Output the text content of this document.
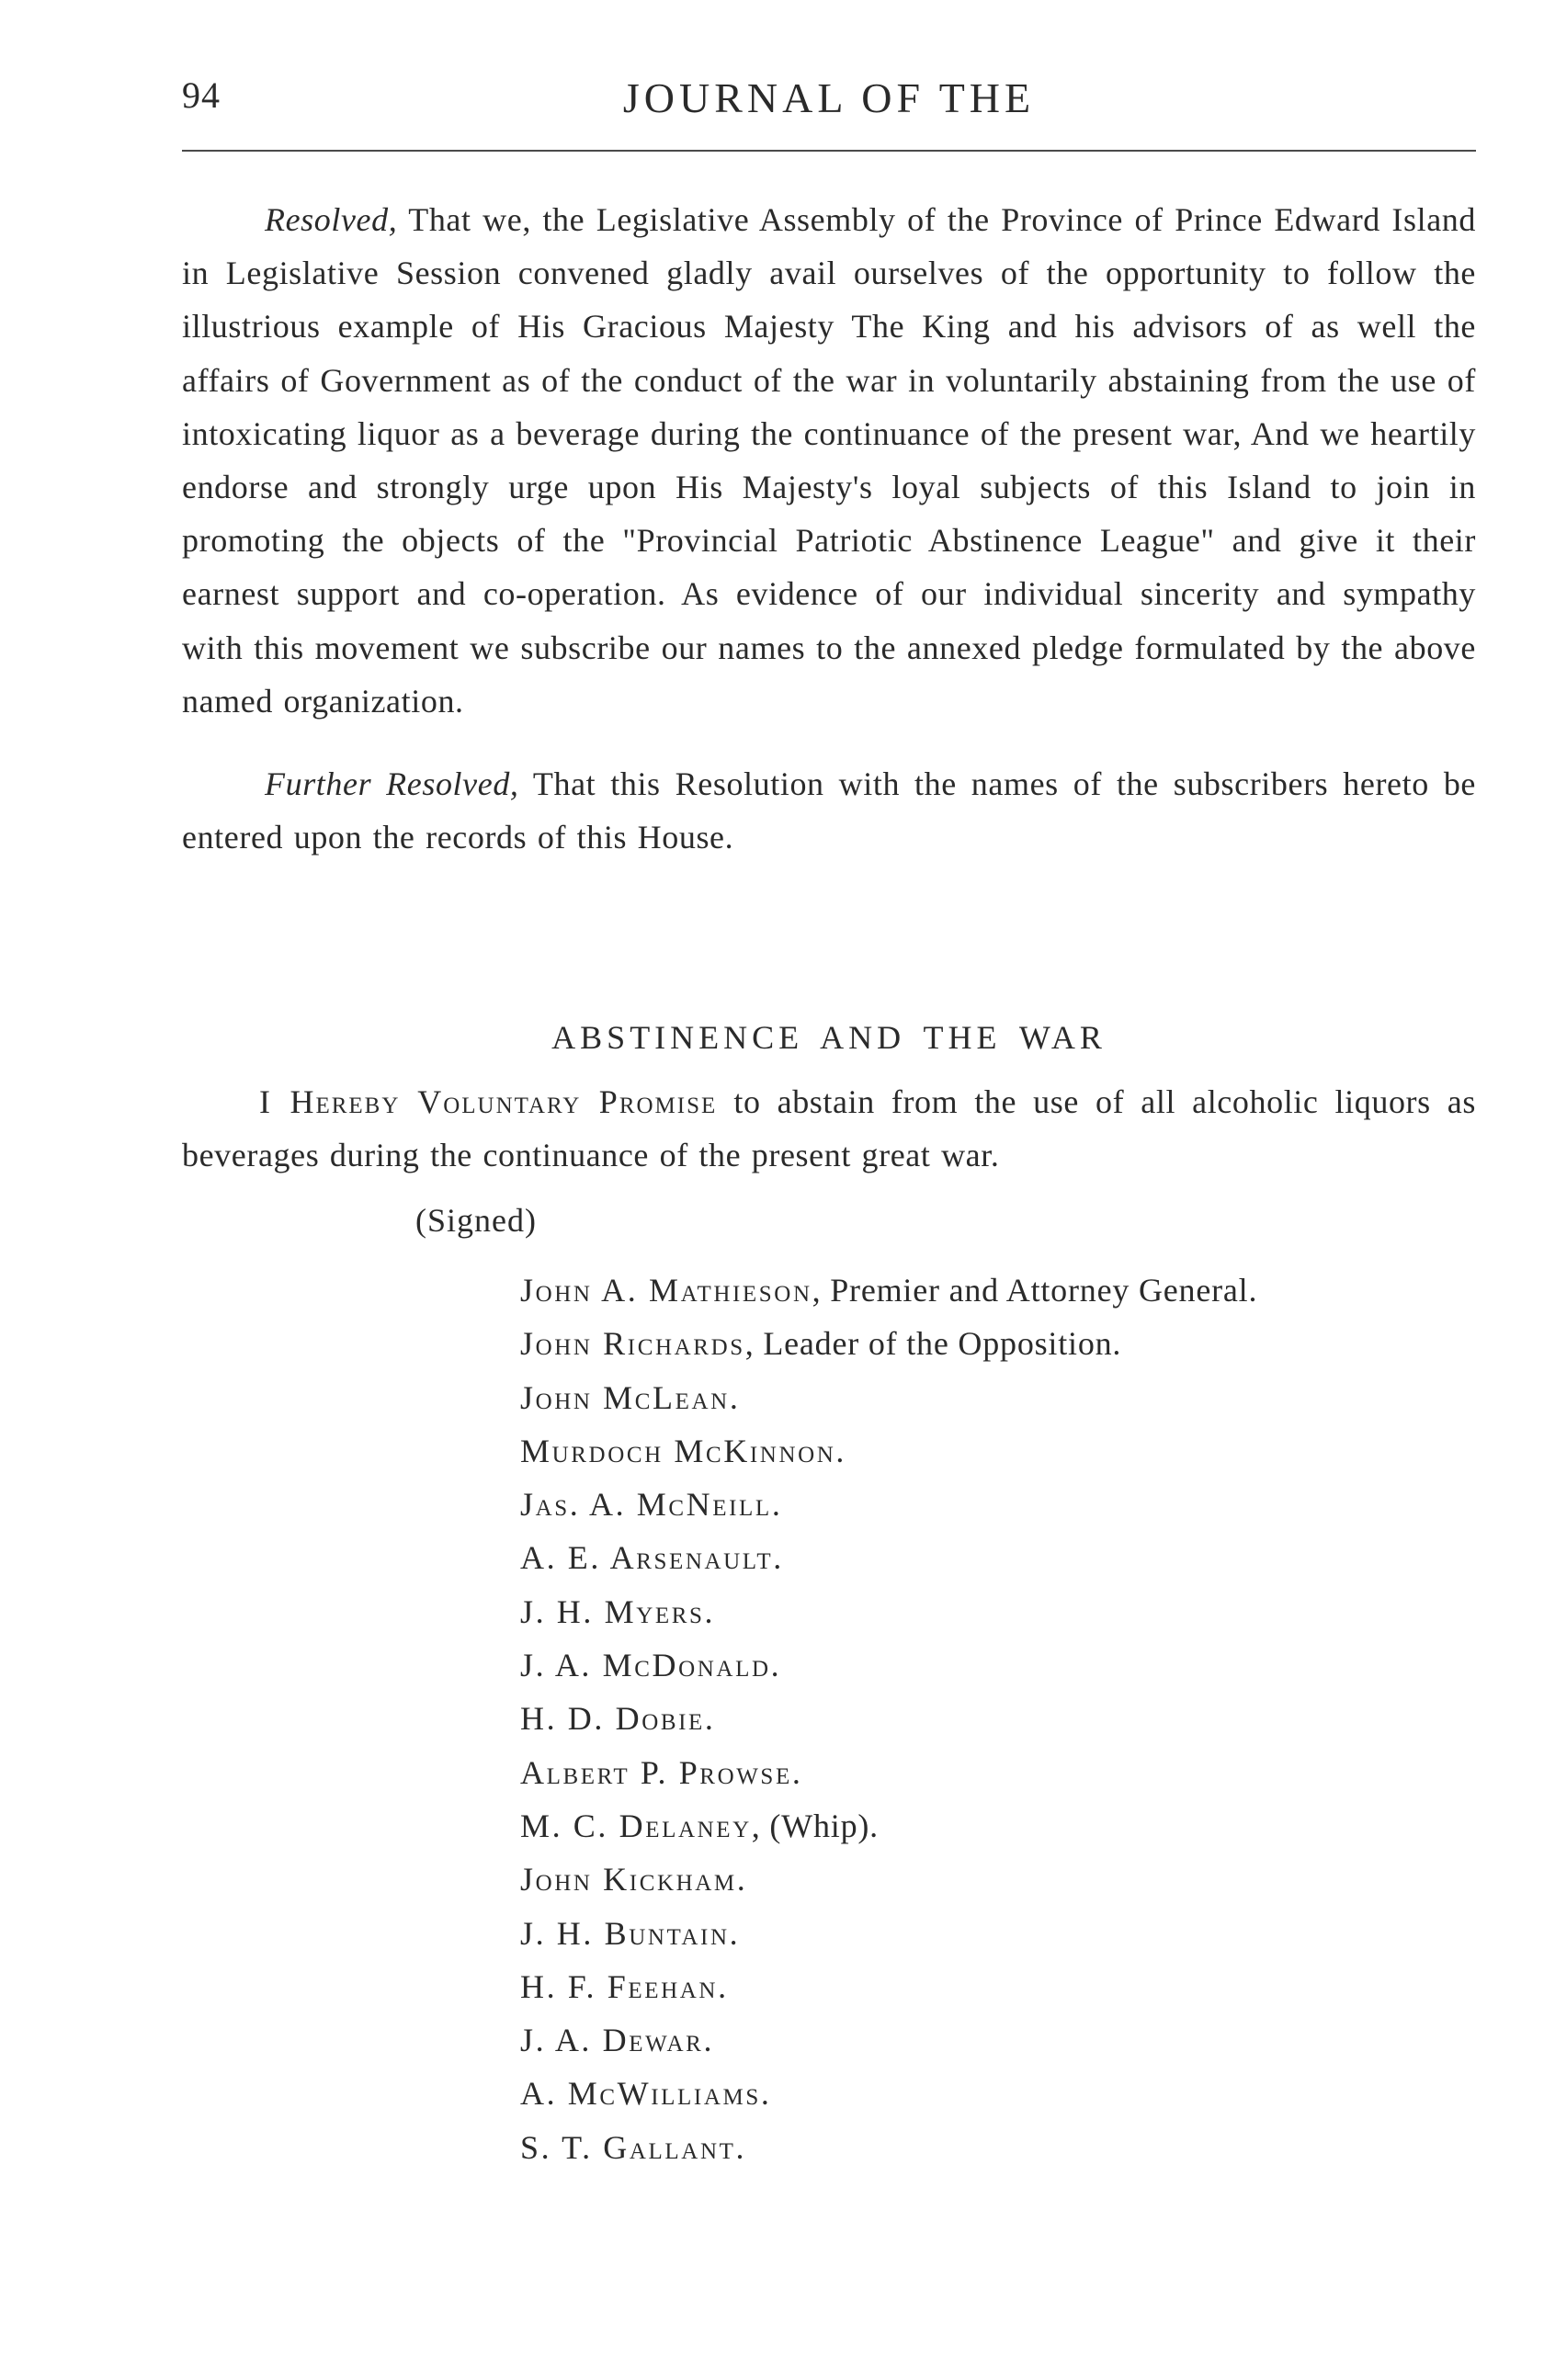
94	JOURNAL OF THE

Resolved, That we, the Legislative Assembly of the Province of Prince Edward Island in Legislative Session convened gladly avail ourselves of the opportunity to follow the illustrious example of His Gracious Majesty The King and his advisors of as well the affairs of Government as of the conduct of the war in voluntarily abstaining from the use of intoxicating liquor as a beverage during the continuance of the present war, And we heartily endorse and strongly urge upon His Majesty's loyal subjects of this Island to join in promoting the objects of the "Provincial Patriotic Abstinence League" and give it their earnest support and co-operation. As evidence of our individual sincerity and sympathy with this movement we subscribe our names to the annexed pledge formulated by the above named organization.

Further Resolved, That this Resolution with the names of the subscribers hereto be entered upon the records of this House.

ABSTINENCE AND THE WAR

I Hereby Voluntary Promise to abstain from the use of all alcoholic liquors as beverages during the continuance of the present great war.

(Signed)
John A. Mathieson, Premier and Attorney General.
John Richards, Leader of the Opposition.
John McLean.
Murdoch McKinnon.
Jas. A. McNeill.
A. E. Arsenault.
J. H. Myers.
J. A. McDonald.
H. D. Dobie.
Albert P. Prowse.
M. C. Delaney, (Whip).
John Kickham.
J. H. Buntain.
H. F. Feehan.
J. A. Dewar.
A. McWilliams.
S. T. Gallant.
